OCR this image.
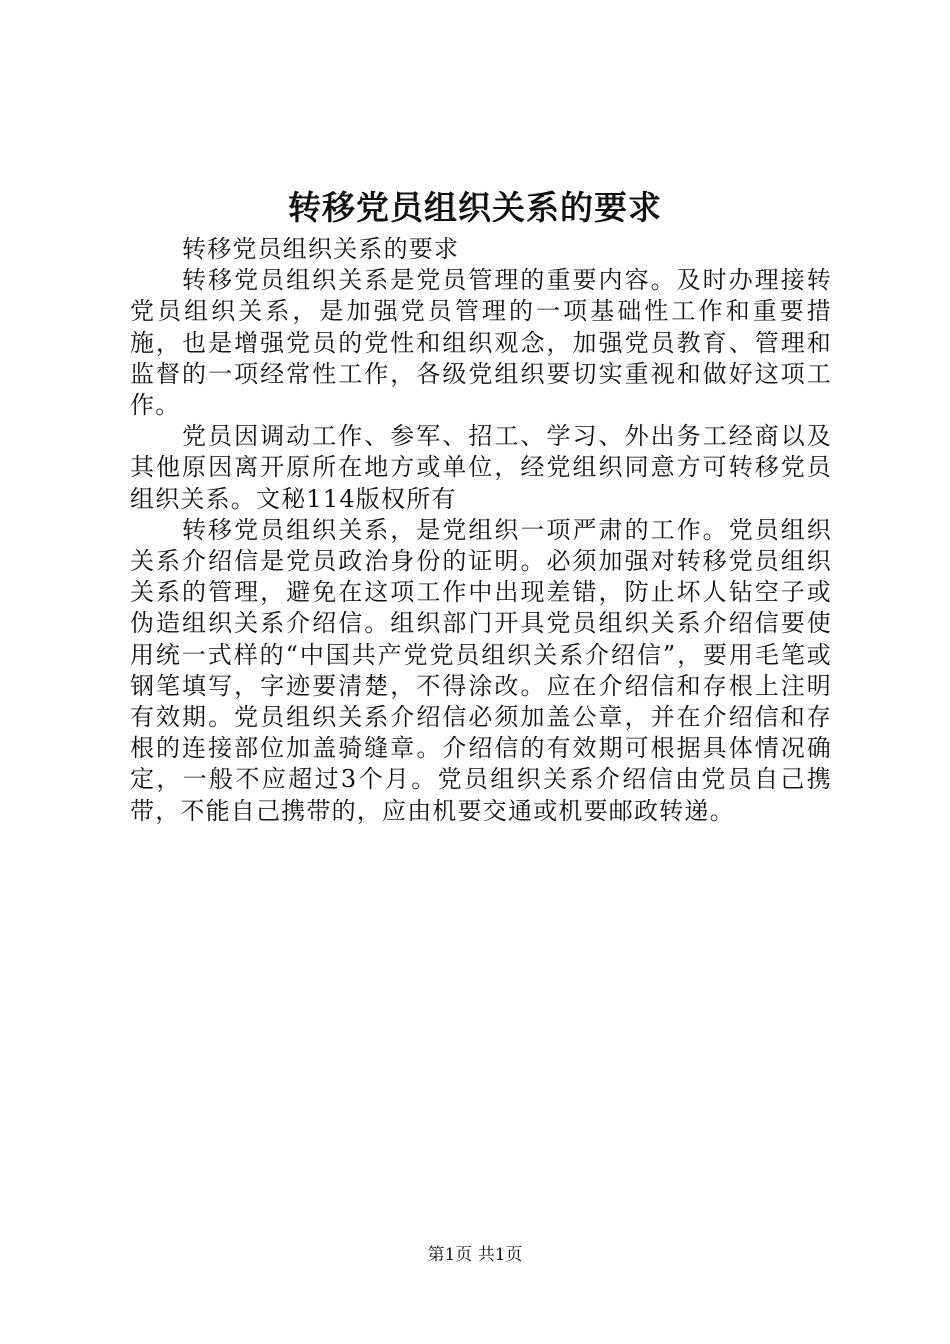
转移党员组织关系的要求

转移党员组织关系的要求

转移党员组织关系是党员管理的重要内容。及时办理接转党员组织关系，是加强党员管理的一项基础性工作和重要措施，也是增强党员的党性和组织观念，加强党员教育、管理和监督的一项经常性工作，各级党组织要切实重视和做好这项工作。

党员因调动工作、参军、招工、学习、外出务工经商以及其他原因离开原所在地方或单位，经党组织同意方可转移党员组织关系。文秘114版权所有

转移党员组织关系，是党组织一项严肃的工作。党员组织关系介绍信是党员政治身份的证明。必须加强对转移党员组织关系的管理，避免在这项工作中出现差错，防止坏人钻空子或伪造组织关系介绍信。组织部门开具党员组织关系介绍信要使用统一式样的“中国共产党党员组织关系介绍信”，要用毛笔或钢笔填写，字迹要清楚，不得涂改。应在介绍信和存根上注明有效期。党员组织关系介绍信必须加盖公章，并在介绍信和存根的连接部位加盖骑缝章。介绍信的有效期可根据具体情况确定，一般不应超过3个月。党员组织关系介绍信由党员自己携带，不能自己携带的，应由机要交通或机要邮政转递。

第1页 共1页
